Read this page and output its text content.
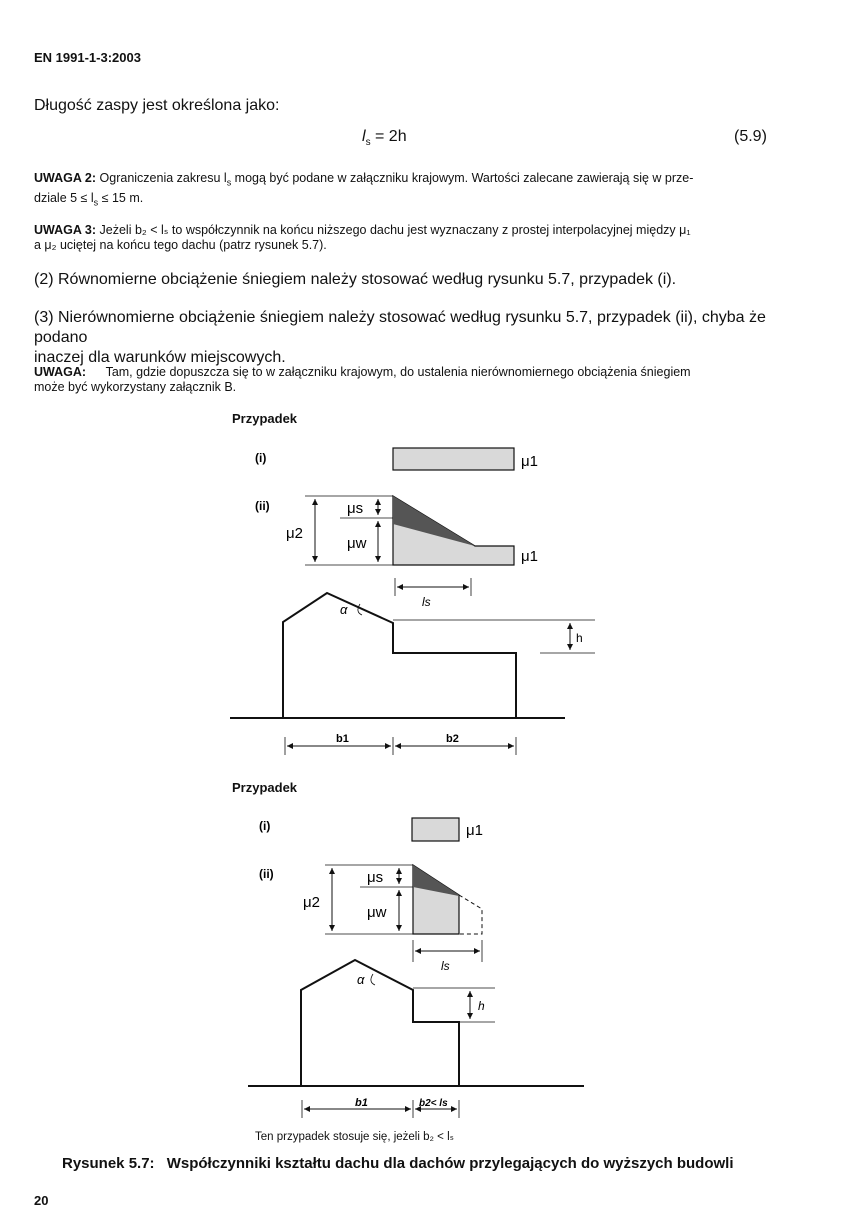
EN 1991-1-3:2003
Długość zaspy jest określona jako:
$l_s = 2h$	(5.9)
UWAGA 2: Ograniczenia zakresu $l_s$ mogą być podane w załączniku krajowym. Wartości zalecane zawierają się w prze-
dziale $5 \le l_s \le 15$ m.
UWAGA 3: Jeżeli b₂ < lₛ to współczynnik na końcu niższego dachu jest wyznaczany z prostej interpolacyjnej między μ₁
a μ₂ uciętej na końcu tego dachu (patrz rysunek 5.7).
(2) Równomierne obciążenie śniegiem należy stosować według rysunku 5.7, przypadek (i).
(3) Nierównomierne obciążenie śniegiem należy stosować według rysunku 5.7, przypadek (ii), chyba że podano
inaczej dla warunków miejscowych.
UWAGA: Tam, gdzie dopuszcza się to w załączniku krajowym, do ustalenia nierównomiernego obciążenia śniegiem
może być wykorzystany załącznik B.
Przypadek
(i)	μ1
(ii)
μ1
μ2
μs
μw
ls
α
h
b1	b2
(i)	μ1
(ii)
μ2
μs
μw
ls
α
h
b1	b2< ls
Przypadek
Ten przypadek stosuje się, jeżeli b₂ < lₛ
Rysunek 5.7: Współczynniki kształtu dachu dla dachów przylegających do wyższych budowli
20
